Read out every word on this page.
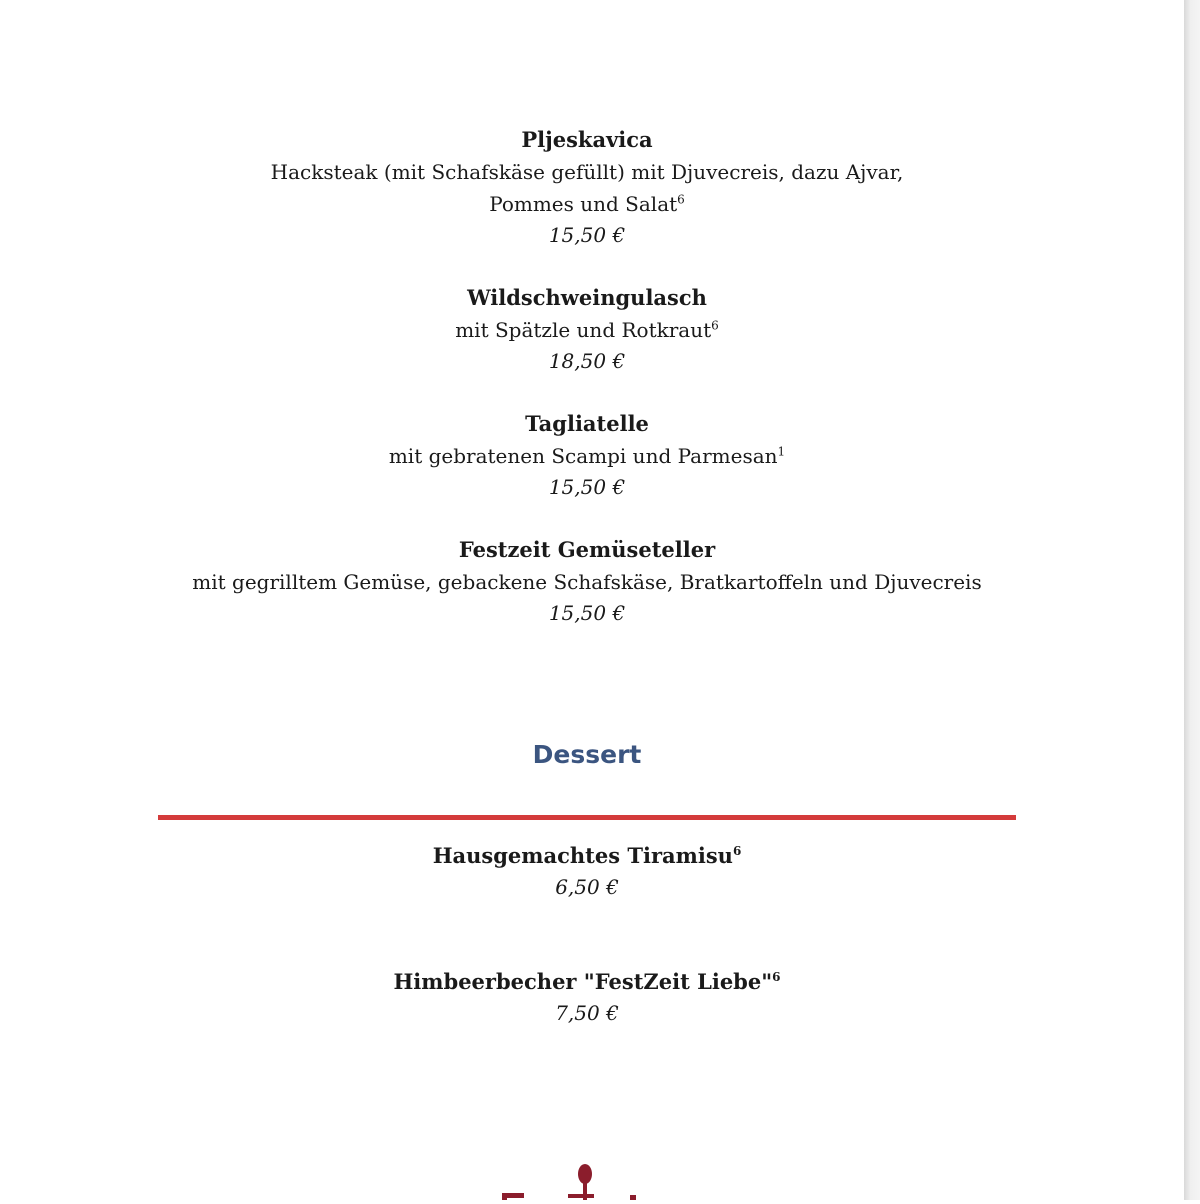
Pljeskavica
Hacksteak (mit Schafskäse gefüllt) mit Djuvecreis, dazu Ajvar,
Pommes und Salat$^6$
15,50 €
Wildschweingulasch
mit Spätzle und Rotkraut$^6$
18,50 €
Tagliatelle
mit gebratenen Scampi und Parmesan$^1$
15,50 €
Festzeit Gemüseteller
mit gegrilltem Gemüse, gebackene Schafskäse, Bratkartoffeln und Djuvecreis
15,50 €
Dessert
Hausgemachtes Tiramisu$^6$
6,50 €
Himbeerbecher "FestZeit Liebe"$^6$
7,50 €
